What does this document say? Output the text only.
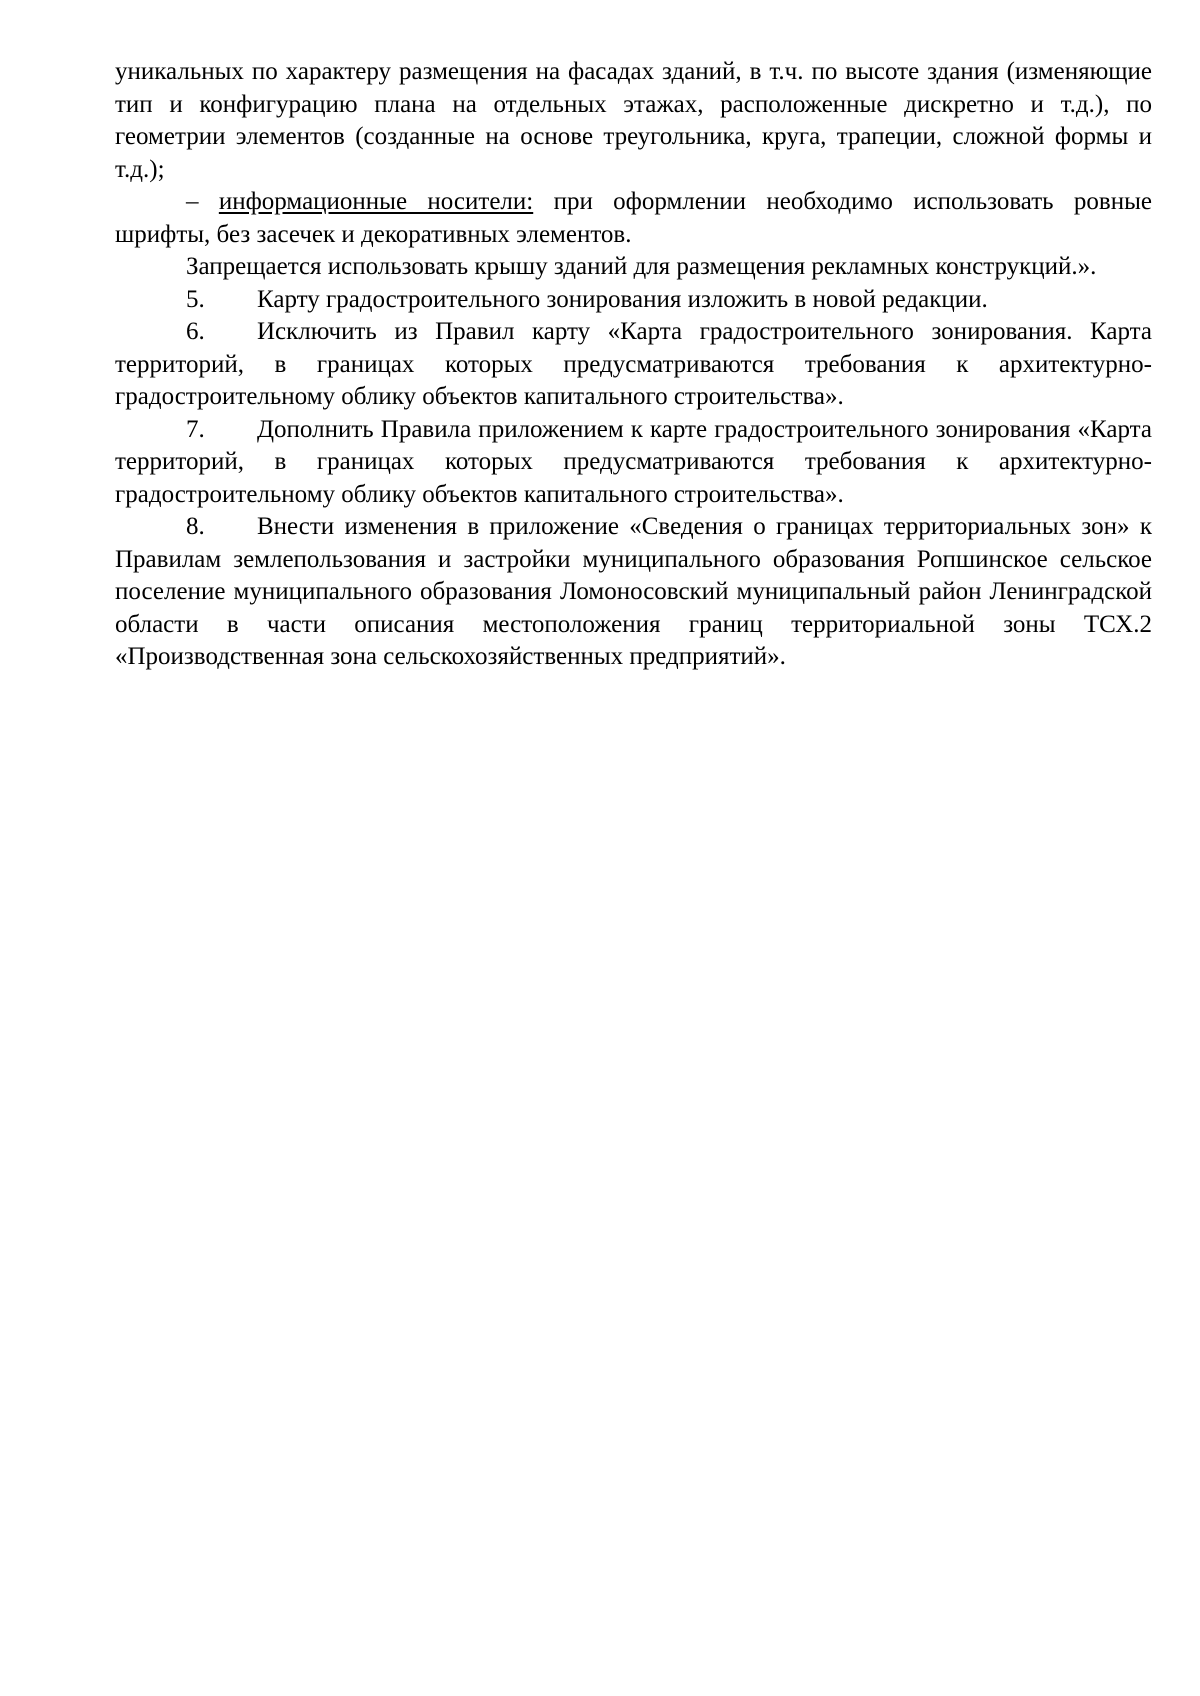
уникальных по характеру размещения на фасадах зданий, в т.ч. по высоте здания (изменяющие тип и конфигурацию плана на отдельных этажах, расположенные дискретно и т.д.), по геометрии элементов (созданные на основе треугольника, круга, трапеции, сложной формы и т.д.);

– информационные носители: при оформлении необходимо использовать ровные шрифты, без засечек и декоративных элементов.

Запрещается использовать крышу зданий для размещения рекламных конструкций.».

5. Карту градостроительного зонирования изложить в новой редакции.

6. Исключить из Правил карту «Карта градостроительного зонирования. Карта территорий, в границах которых предусматриваются требования к архитектурно-градостроительному облику объектов капитального строительства».

7. Дополнить Правила приложением к карте градостроительного зонирования «Карта территорий, в границах которых предусматриваются требования к архитектурно-градостроительному облику объектов капитального строительства».

8. Внести изменения в приложение «Сведения о границах территориальных зон» к Правилам землепользования и застройки муниципального образования Ропшинское сельское поселение муниципального образования Ломоносовский муниципальный район Ленинградской области в части описания местоположения границ территориальной зоны ТСХ.2 «Производственная зона сельскохозяйственных предприятий».
